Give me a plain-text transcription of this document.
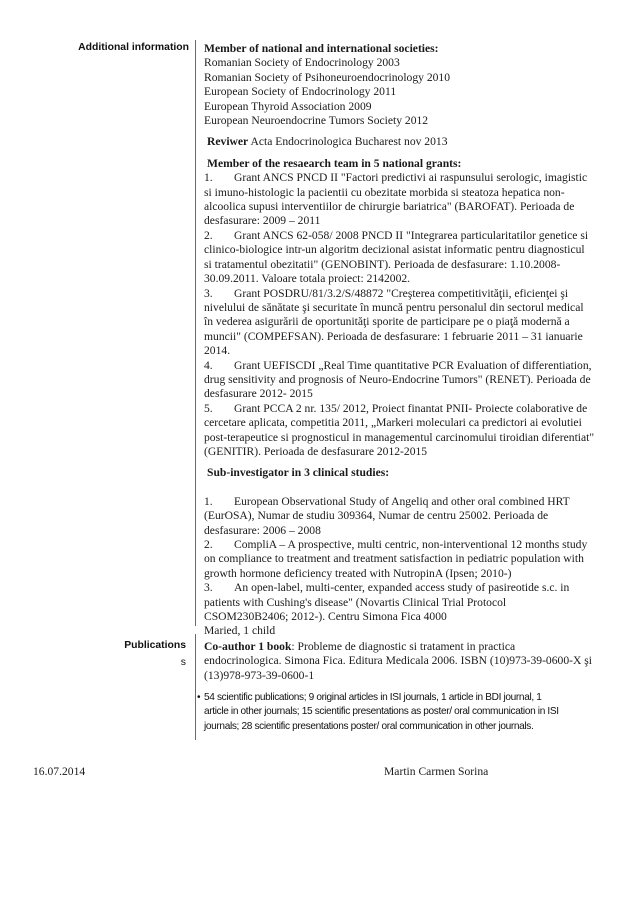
Additional information
Publications
s

Member of national and international societies:

Romanian Society of Endocrinology 2003

Romanian Society of Psihoneuroendocrinology 2010

European Society of Endocrinology 2011

European Thyroid Association 2009

European Neuroendocrine Tumors Society 2012

Reviwer Acta Endocrinologica Bucharest nov 2013

Member of the resaearch team in 5 national grants:

1. Grant ANCS PNCD II "Factori predictivi ai raspunsului serologic, imagistic

si imuno-histologic la pacientii cu obezitate morbida si steatoza hepatica non-

alcoolica supusi interventiilor de chirurgie bariatrica" (BAROFAT). Perioada de

desfasurare: 2009 – 2011

2. Grant ANCS 62-058/ 2008 PNCD II "Integrarea particularitatilor genetice si

clinico-biologice intr-un algoritm decizional asistat informatic pentru diagnosticul

si tratamentul obezitatii" (GENOBINT). Perioada de desfasurare: 1.10.2008-

30.09.2011. Valoare totala proiect: 2142002.

3. Grant POSDRU/81/3.2/S/48872 "Creşterea competitivităţii, eficienţei şi

nivelului de sănătate şi securitate în muncă pentru personalul din sectorul medical

în vederea asigurării de oportunităţi sporite de participare pe o piaţă modernă a

muncii" (COMPEFSAN). Perioada de desfasurare: 1 februarie 2011 – 31 ianuarie

2014.

4. Grant UEFISCDI „Real Time quantitative PCR Evaluation of differentiation,

drug sensitivity and prognosis of Neuro-Endocrine Tumors" (RENET). Perioada de

desfasurare 2012- 2015

5. Grant PCCA 2 nr. 135/ 2012, Proiect finantat PNII- Proiecte colaborative de

cercetare aplicata, competitia 2011, „Markeri moleculari ca predictori ai evolutiei

post-terapeutice si prognosticul in managementul carcinomului tiroidian diferentiat"

(GENITIR). Perioada de desfasurare 2012-2015

Sub-investigator in 3 clinical studies:

1. European Observational Study of Angeliq and other oral combined HRT

(EurOSA), Numar de studiu 309364, Numar de centru 25002. Perioada de

desfasurare: 2006 – 2008

2. CompliA – A prospective, multi centric, non-interventional 12 months study

on compliance to treatment and treatment satisfaction in pediatric population with

growth hormone deficiency treated with NutropinA (Ipsen; 2010-)

3. An open-label, multi-center, expanded access study of pasireotide s.c. in

patients with Cushing's disease" (Novartis Clinical Trial Protocol

CSOM230B2406; 2012-). Centru Simona Fica 4000

Maried, 1 child

Co-author 1 book: Probleme de diagnostic si tratament in practica

endocrinologica. Simona Fica. Editura Medicala 2006. ISBN (10)973-39-0600-X şi

(13)978-973-39-0600-1

• 54 scientific publications; 9 original articles in ISI journals, 1 article in BDI journal, 1
article in other journals; 15 scientific presentations as poster/ oral communication in ISI
journals; 28 scientific presentations poster/ oral communication in other journals.
16.07.2014	Martin Carmen Sorina
